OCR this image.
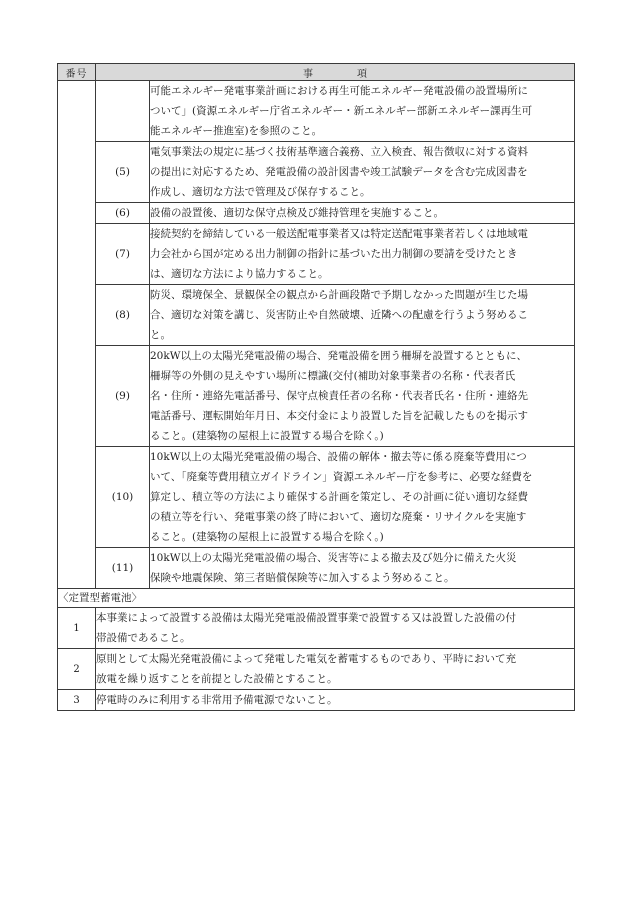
番号	事 項	

		可能エネルギー発電事業計画における再生可能エネルギー発電設備の設置場所に
ついて」(資源エネルギー庁省エネルギー・新エネルギー部新エネルギー課再生可
能エネルギー推進室)を参照のこと。

	(5)	電気事業法の規定に基づく技術基準適合義務、立入検査、報告徴収に対する資料
の提出に対応するため、発電設備の設計図書や竣工試験データを含む完成図書を
作成し、適切な方法で管理及び保存すること。

	(6)	設備の設置後、適切な保守点検及び維持管理を実施すること。

	(7)	接続契約を締結している一般送配電事業者又は特定送配電事業者若しくは地域電
力会社から国が定める出力制御の指針に基づいた出力制御の要請を受けたとき
は、適切な方法により協力すること。

	(8)	防災、環境保全、景観保全の観点から計画段階で予期しなかった問題が生じた場
合、適切な対策を講じ、災害防止や自然破壊、近隣への配慮を行うよう努めるこ
と。

	(9)	20kW以上の太陽光発電設備の場合、発電設備を囲う柵塀を設置するとともに、
柵塀等の外側の見えやすい場所に標識(交付(補助対象事業者の名称・代表者氏
名・住所・連絡先電話番号、保守点検責任者の名称・代表者氏名・住所・連絡先
電話番号、運転開始年月日、本交付金により設置した旨を記載したものを掲示す
ること。(建築物の屋根上に設置する場合を除く。)

	(10)	10kW以上の太陽光発電設備の場合、設備の解体・撤去等に係る廃棄等費用につ
いて、「廃棄等費用積立ガイドライン」資源エネルギー庁を参考に、必要な経費を
算定し、積立等の方法により確保する計画を策定し、その計画に従い適切な経費
の積立等を行い、発電事業の終了時において、適切な廃棄・リサイクルを実施す
ること。(建築物の屋根上に設置する場合を除く。)

	(11)	10kW以上の太陽光発電設備の場合、災害等による撤去及び処分に備えた火災
保険や地震保険、第三者賠償保険等に加入するよう努めること。

〈定置型蓄電池〉		
1	本事業によって設置する設備は太陽光発電設備設置事業で設置する又は設置した設備の付
帯設備であること。	

2	原則として太陽光発電設備によって発電した電気を蓄電するものであり、平時において充
放電を繰り返すことを前提とした設備とすること。	

3	停電時のみに利用する非常用予備電源でないこと。	
